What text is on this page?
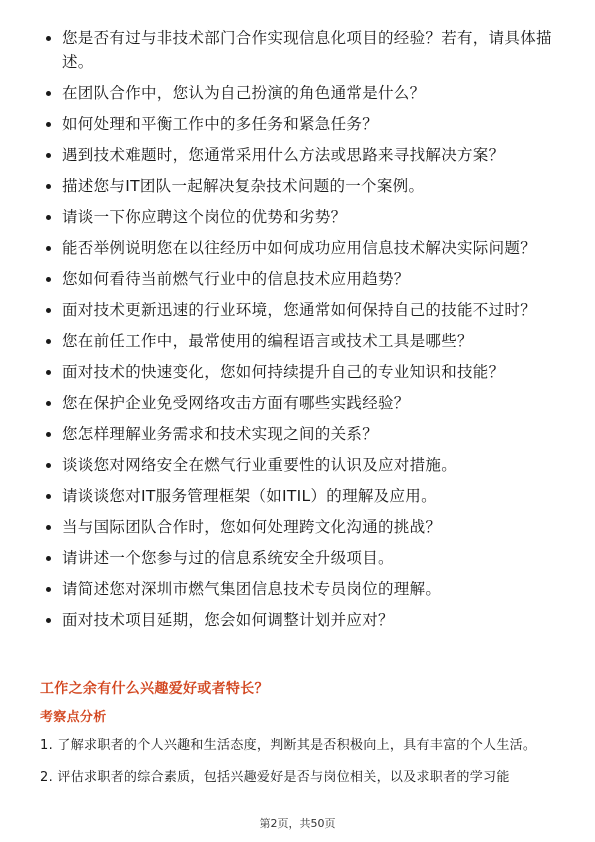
您是否有过与非技术部门合作实现信息化项目的经验？若有，请具体描述。
在团队合作中，您认为自己扮演的角色通常是什么？
如何处理和平衡工作中的多任务和紧急任务？
遇到技术难题时，您通常采用什么方法或思路来寻找解决方案？
描述您与IT团队一起解决复杂技术问题的一个案例。
请谈一下你应聘这个岗位的优势和劣势？
能否举例说明您在以往经历中如何成功应用信息技术解决实际问题？
您如何看待当前燃气行业中的信息技术应用趋势？
面对技术更新迅速的行业环境，您通常如何保持自己的技能不过时？
您在前任工作中，最常使用的编程语言或技术工具是哪些？
面对技术的快速变化，您如何持续提升自己的专业知识和技能？
您在保护企业免受网络攻击方面有哪些实践经验？
您怎样理解业务需求和技术实现之间的关系？
谈谈您对网络安全在燃气行业重要性的认识及应对措施。
请谈谈您对IT服务管理框架（如ITIL）的理解及应用。
当与国际团队合作时，您如何处理跨文化沟通的挑战？
请讲述一个您参与过的信息系统安全升级项目。
请简述您对深圳市燃气集团信息技术专员岗位的理解。
面对技术项目延期，您会如何调整计划并应对？
工作之余有什么兴趣爱好或者特长？
考察点分析
1. 了解求职者的个人兴趣和生活态度，判断其是否积极向上，具有丰富的个人生活。
2. 评估求职者的综合素质，包括兴趣爱好是否与岗位相关，以及求职者的学习能
第2页，共50页
